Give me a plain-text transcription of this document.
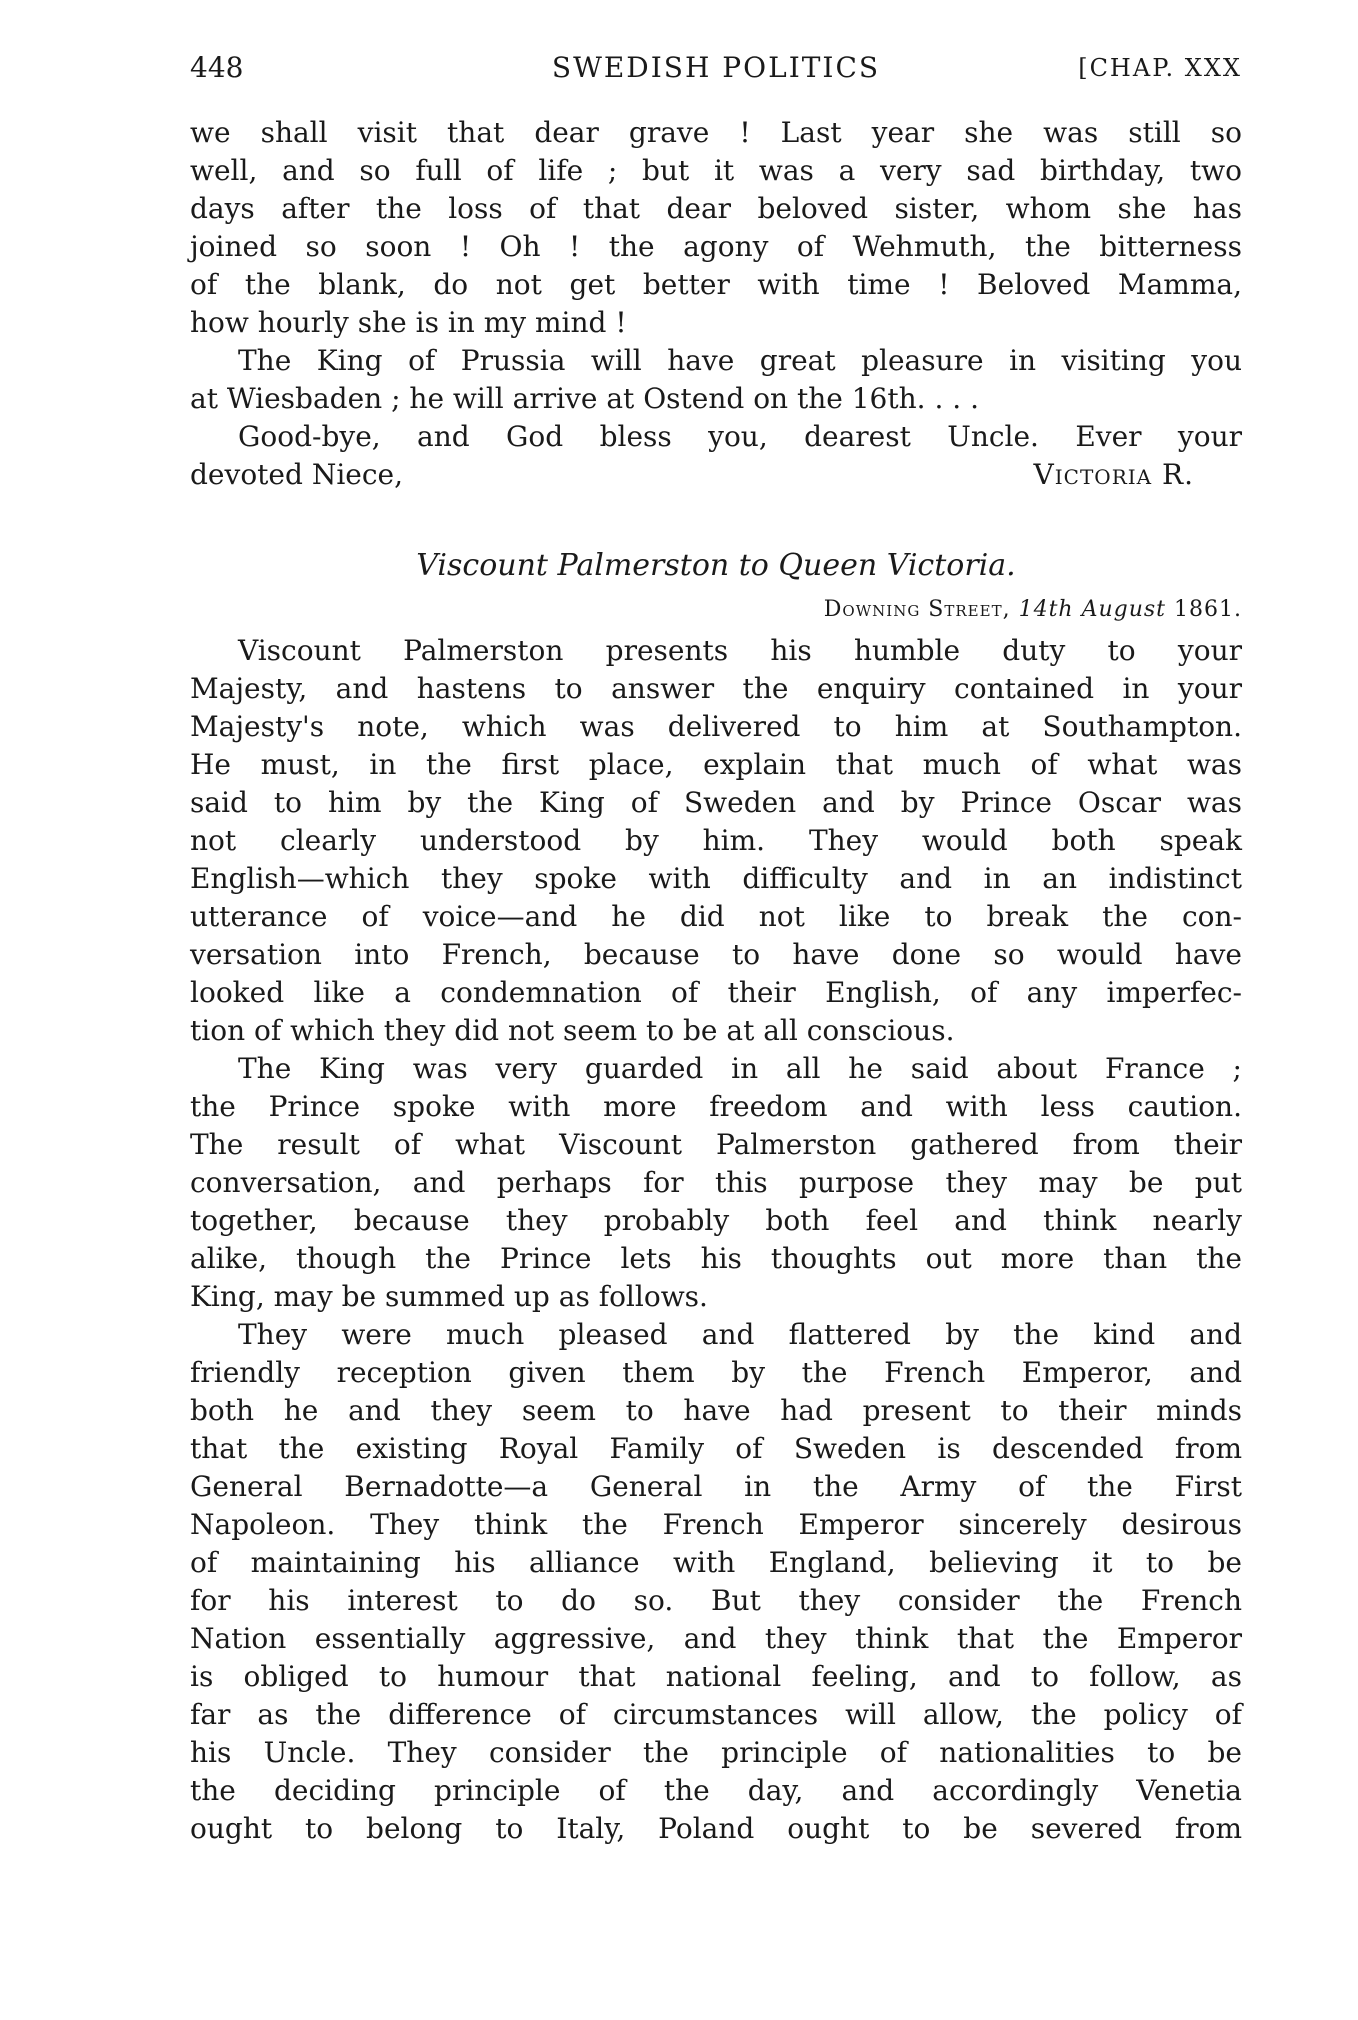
448	SWEDISH POLITICS	[CHAP. XXX
we shall visit that dear grave ! Last year she was still so
well, and so full of life ; but it was a very sad birthday, two
days after the loss of that dear beloved sister, whom she has
joined so soon ! Oh ! the agony of Wehmuth, the bitterness
of the blank, do not get better with time ! Beloved Mamma,
how hourly she is in my mind !
The King of Prussia will have great pleasure in visiting you
at Wiesbaden ; he will arrive at Ostend on the 16th. . . .
Good-bye, and God bless you, dearest Uncle. Ever your
devoted Niece,	Victoria R.
Viscount Palmerston to Queen Victoria.
Downing Street, 14th August 1861.
Viscount Palmerston presents his humble duty to your
Majesty, and hastens to answer the enquiry contained in your
Majesty's note, which was delivered to him at Southampton.
He must, in the first place, explain that much of what was
said to him by the King of Sweden and by Prince Oscar was
not clearly understood by him. They would both speak
English—which they spoke with difficulty and in an indistinct
utterance of voice—and he did not like to break the con-
versation into French, because to have done so would have
looked like a condemnation of their English, of any imperfec-
tion of which they did not seem to be at all conscious.
The King was very guarded in all he said about France ;
the Prince spoke with more freedom and with less caution.
The result of what Viscount Palmerston gathered from their
conversation, and perhaps for this purpose they may be put
together, because they probably both feel and think nearly
alike, though the Prince lets his thoughts out more than the
King, may be summed up as follows.
They were much pleased and flattered by the kind and
friendly reception given them by the French Emperor, and
both he and they seem to have had present to their minds
that the existing Royal Family of Sweden is descended from
General Bernadotte—a General in the Army of the First
Napoleon. They think the French Emperor sincerely desirous
of maintaining his alliance with England, believing it to be
for his interest to do so. But they consider the French
Nation essentially aggressive, and they think that the Emperor
is obliged to humour that national feeling, and to follow, as
far as the difference of circumstances will allow, the policy of
his Uncle. They consider the principle of nationalities to be
the deciding principle of the day, and accordingly Venetia
ought to belong to Italy, Poland ought to be severed from
